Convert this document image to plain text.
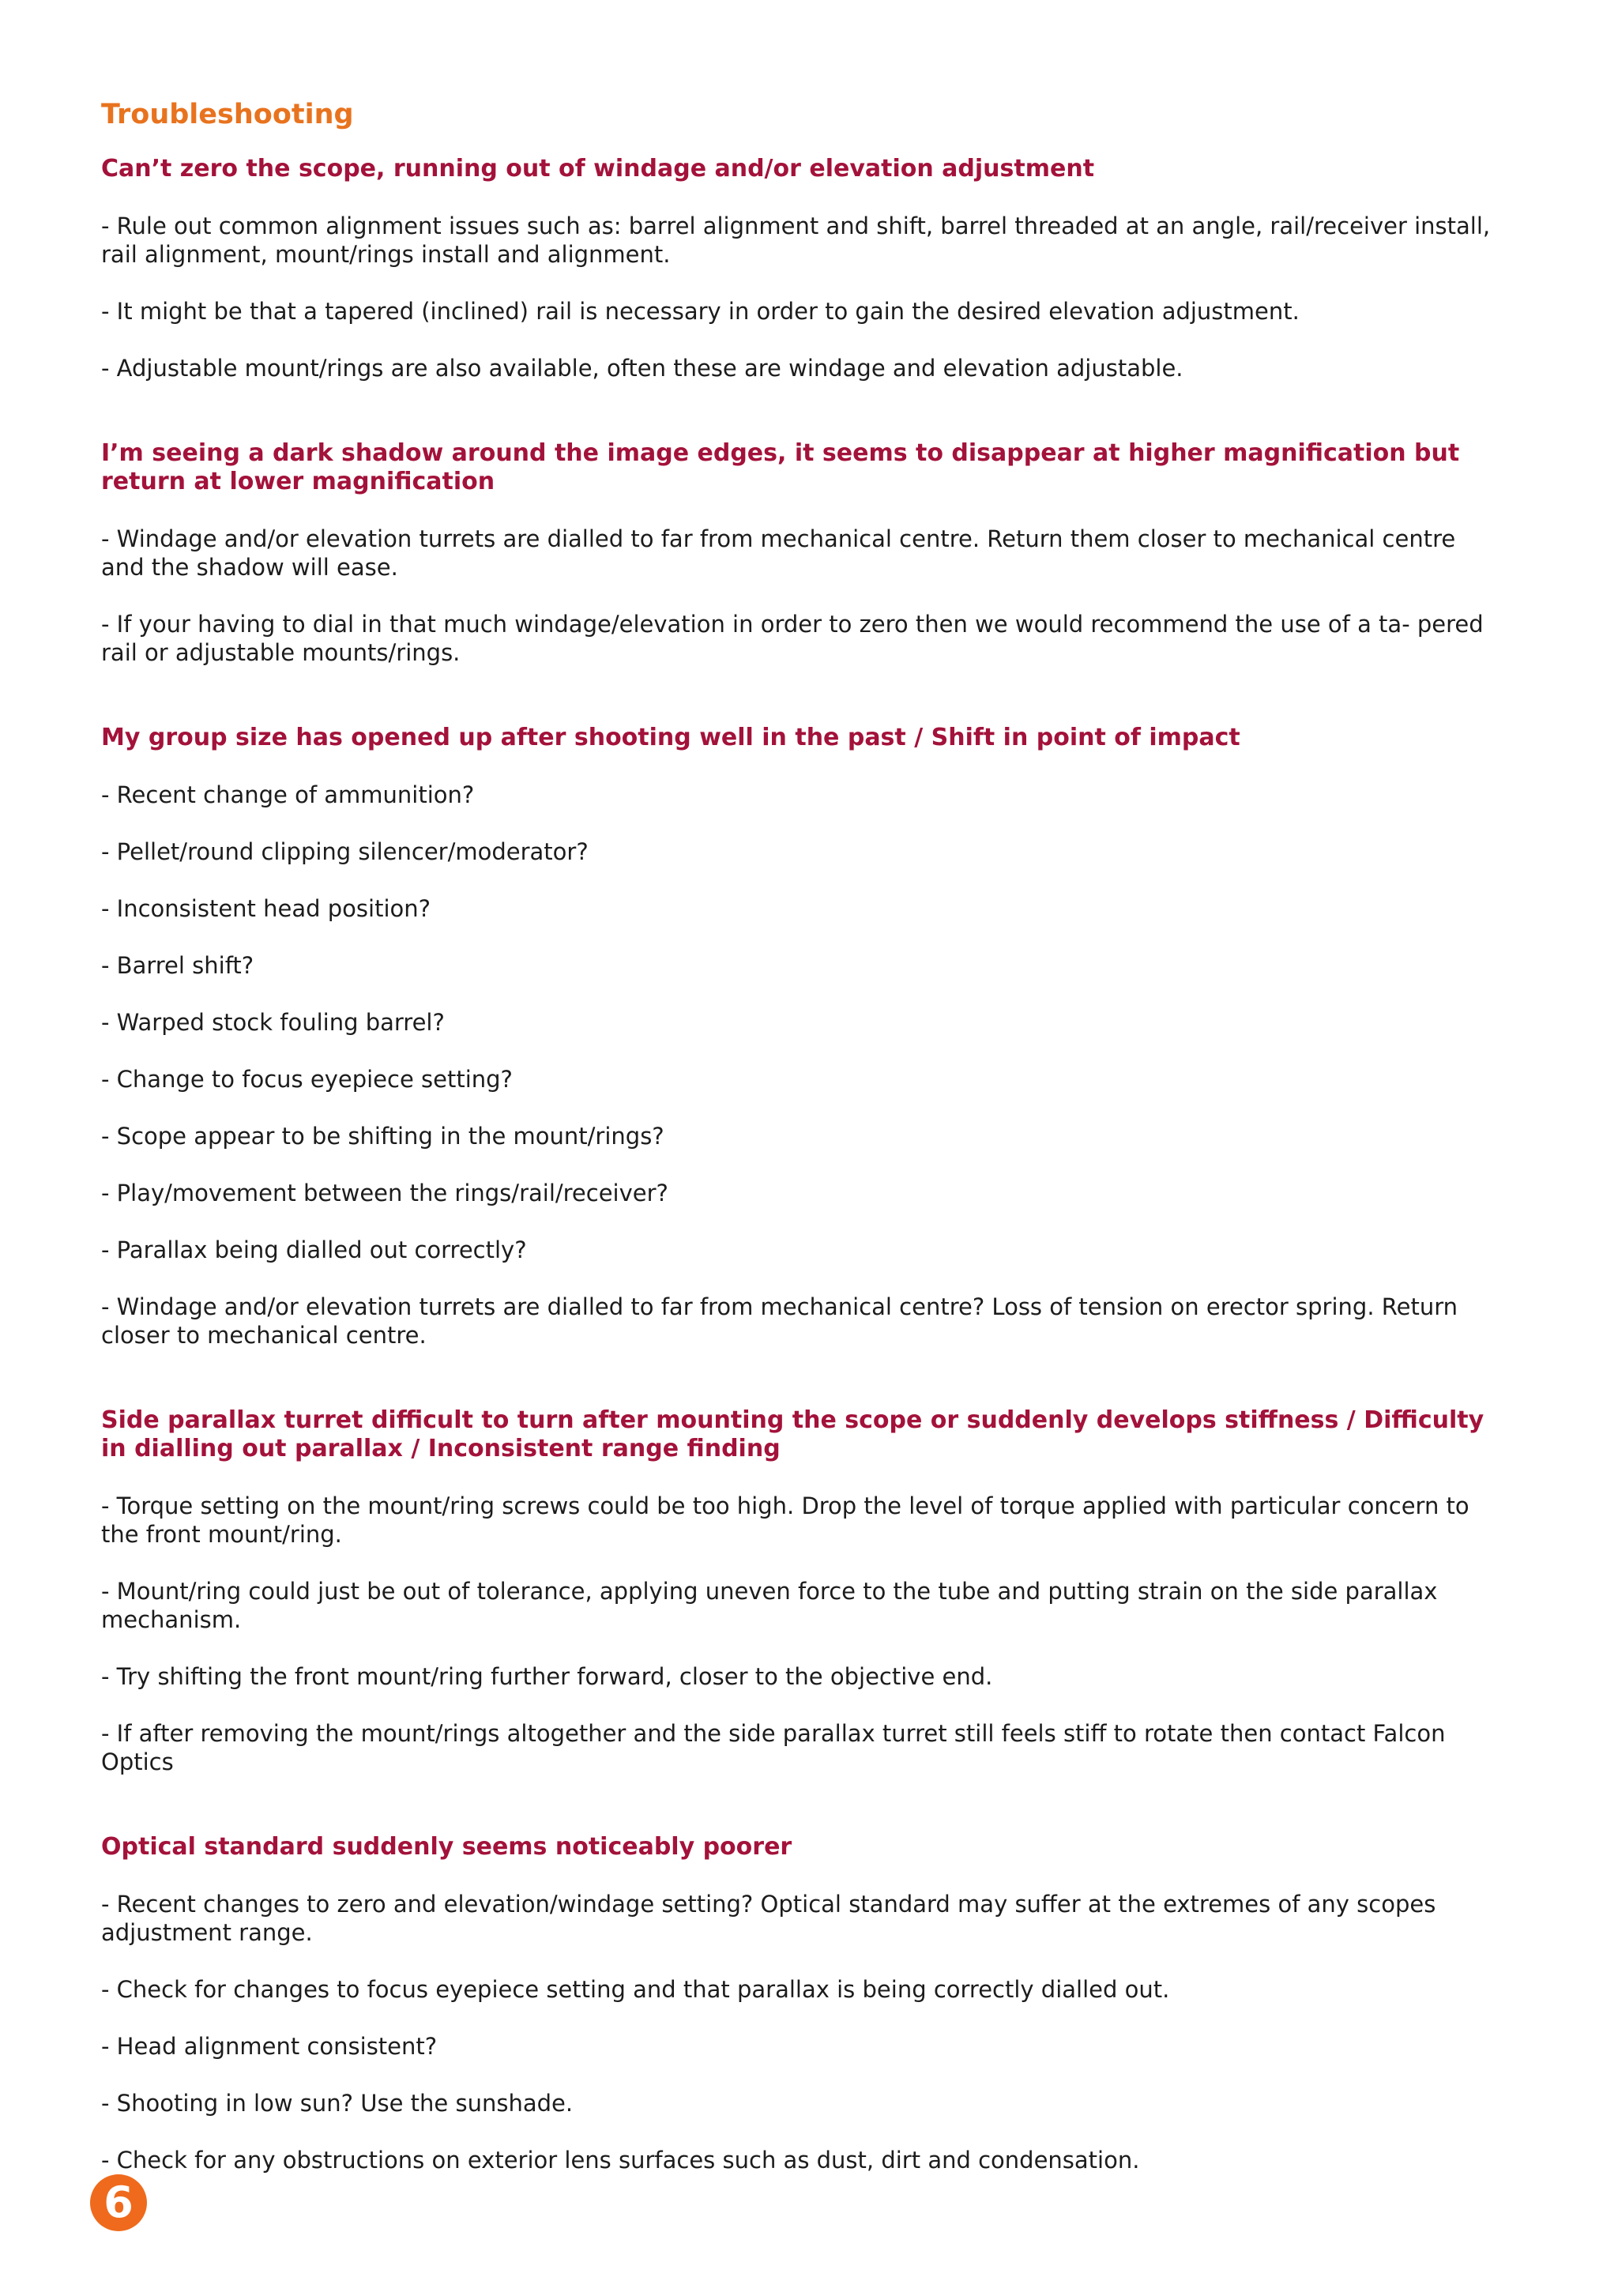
Troubleshooting
Can’t zero the scope, running out of windage and/or elevation adjustment
- Rule out common alignment issues such as: barrel alignment and shift, barrel threaded at an angle, rail/receiver install, rail alignment, mount/rings install and alignment.
- It might be that a tapered (inclined) rail is necessary in order to gain the desired elevation adjustment.
- Adjustable mount/rings are also available, often these are windage and elevation adjustable.
I’m seeing a dark shadow around the image edges, it seems to disappear at higher magnification but return at lower magnification
- Windage and/or elevation turrets are dialled to far from mechanical centre. Return them closer to mechanical centre and the shadow will ease.
- If your having to dial in that much windage/elevation in order to zero then we would recommend the use of a ta- pered rail or adjustable mounts/rings.
My group size has opened up after shooting well in the past / Shift in point of impact
- Recent change of ammunition?
- Pellet/round clipping silencer/moderator?
- Inconsistent head position?
- Barrel shift?
- Warped stock fouling barrel?
- Change to focus eyepiece setting?
- Scope appear to be shifting in the mount/rings?
- Play/movement between the rings/rail/receiver?
- Parallax being dialled out correctly?
- Windage and/or elevation turrets are dialled to far from mechanical centre? Loss of tension on erector spring. Return closer to mechanical centre.
Side parallax turret difficult to turn after mounting the scope or suddenly develops stiffness / Difficulty in dialling out parallax / Inconsistent range finding
- Torque setting on the mount/ring screws could be too high. Drop the level of torque applied with particular concern to the front mount/ring.
- Mount/ring could just be out of tolerance, applying uneven force to the tube and putting strain on the side parallax mechanism.
- Try shifting the front mount/ring further forward, closer to the objective end.
- If after removing the mount/rings altogether and the side parallax turret still feels stiff to rotate then contact Falcon Optics
Optical standard suddenly seems noticeably poorer
- Recent changes to zero and elevation/windage setting? Optical standard may suffer at the extremes of any scopes adjustment range.
- Check for changes to focus eyepiece setting and that parallax is being correctly dialled out.
- Head alignment consistent?
- Shooting in low sun? Use the sunshade.
- Check for any obstructions on exterior lens surfaces such as dust, dirt and condensation.
6
